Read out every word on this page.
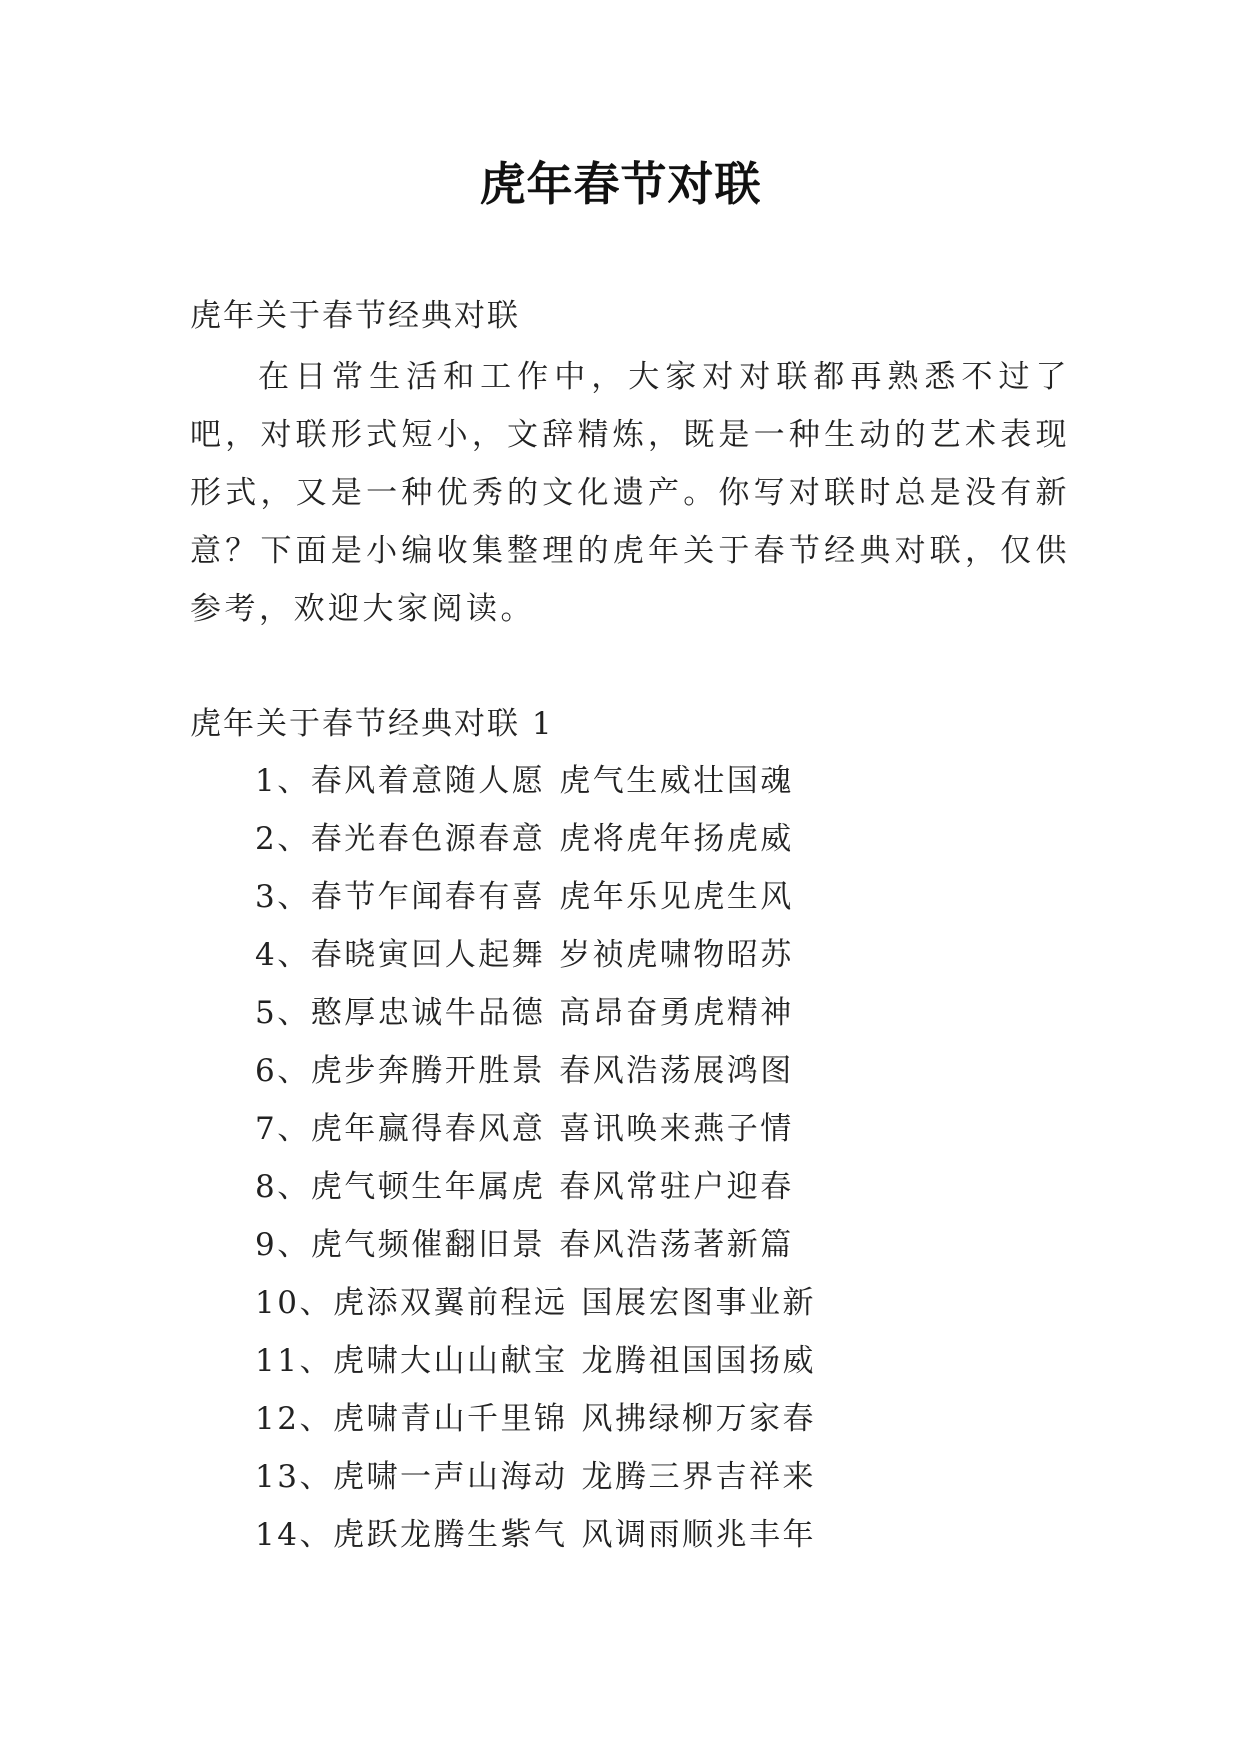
虎年春节对联
虎年关于春节经典对联

在日常生活和工作中，大家对对联都再熟悉不过了吧，对联形式短小，文辞精炼，既是一种生动的艺术表现形式，又是一种优秀的文化遗产。你写对联时总是没有新意？下面是小编收集整理的虎年关于春节经典对联，仅供参考，欢迎大家阅读。

虎年关于春节经典对联 1
1、春风着意随人愿 虎气生威壮国魂
2、春光春色源春意 虎将虎年扬虎威
3、春节乍闻春有喜 虎年乐见虎生风
4、春晓寅回人起舞 岁祯虎啸物昭苏
5、憨厚忠诚牛品德 高昂奋勇虎精神
6、虎步奔腾开胜景 春风浩荡展鸿图
7、虎年赢得春风意 喜讯唤来燕子情
8、虎气顿生年属虎 春风常驻户迎春
9、虎气频催翻旧景 春风浩荡著新篇
10、虎添双翼前程远 国展宏图事业新
11、虎啸大山山献宝 龙腾祖国国扬威
12、虎啸青山千里锦 风拂绿柳万家春
13、虎啸一声山海动 龙腾三界吉祥来
14、虎跃龙腾生紫气 风调雨顺兆丰年
